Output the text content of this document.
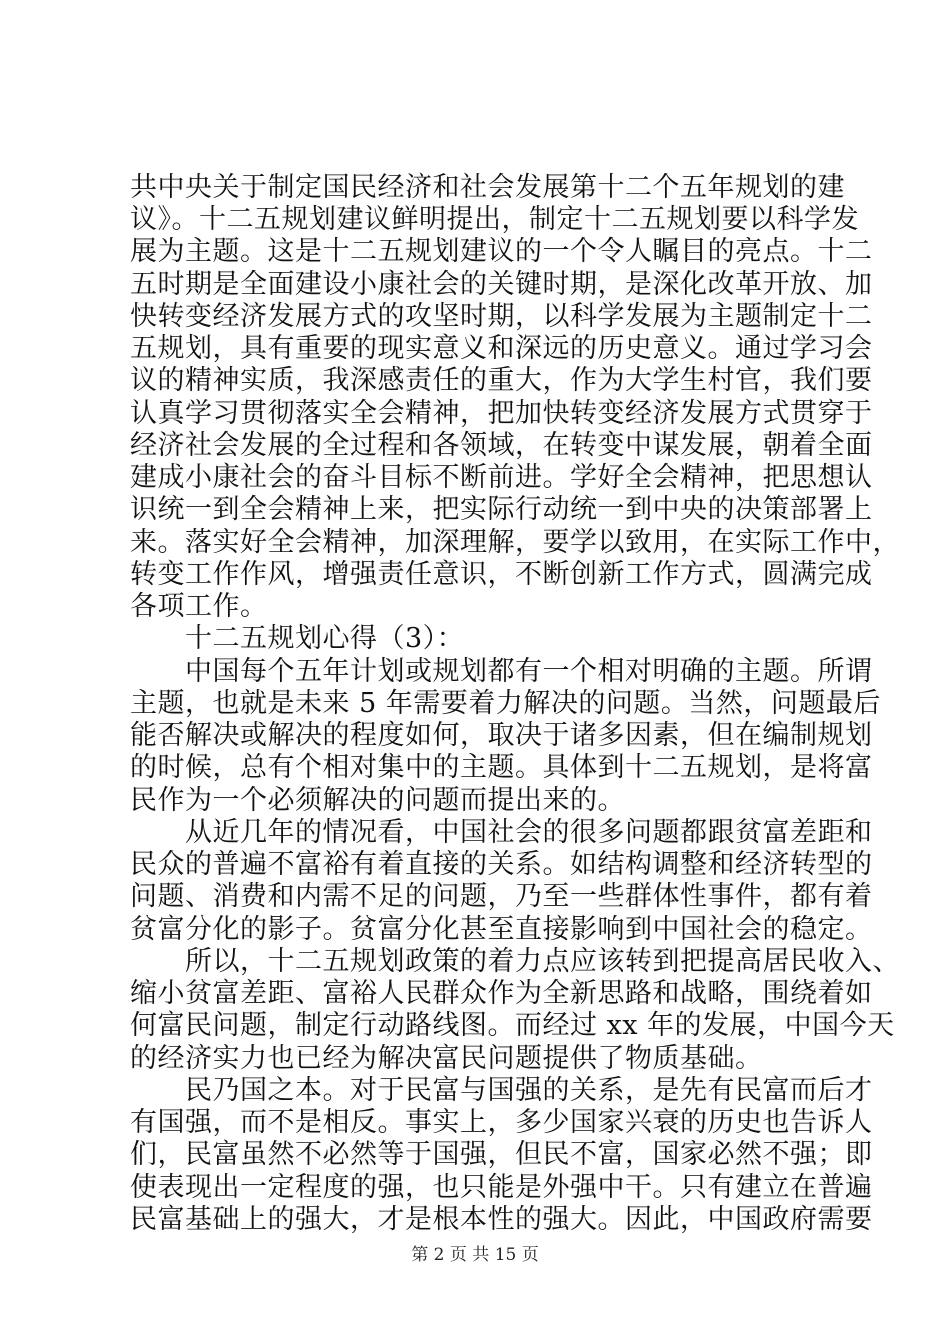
共中央关于制定国民经济和社会发展第十二个五年规划的建
议》。十二五规划建议鲜明提出，制定十二五规划要以科学发
展为主题。这是十二五规划建议的一个令人瞩目的亮点。十二
五时期是全面建设小康社会的关键时期，是深化改革开放、加
快转变经济发展方式的攻坚时期，以科学发展为主题制定十二
五规划，具有重要的现实意义和深远的历史意义。通过学习会
议的精神实质，我深感责任的重大，作为大学生村官，我们要
认真学习贯彻落实全会精神，把加快转变经济发展方式贯穿于
经济社会发展的全过程和各领域，在转变中谋发展，朝着全面
建成小康社会的奋斗目标不断前进。学好全会精神，把思想认
识统一到全会精神上来，把实际行动统一到中央的决策部署上
来。落实好全会精神，加深理解，要学以致用，在实际工作中，
转变工作作风，增强责任意识，不断创新工作方式，圆满完成
各项工作。
　　十二五规划心得（3）：
　　中国每个五年计划或规划都有一个相对明确的主题。所谓
主题，也就是未来 5 年需要着力解决的问题。当然，问题最后
能否解决或解决的程度如何，取决于诸多因素，但在编制规划
的时候，总有个相对集中的主题。具体到十二五规划，是将富
民作为一个必须解决的问题而提出来的。
　　从近几年的情况看，中国社会的很多问题都跟贫富差距和
民众的普遍不富裕有着直接的关系。如结构调整和经济转型的
问题、消费和内需不足的问题，乃至一些群体性事件，都有着
贫富分化的影子。贫富分化甚至直接影响到中国社会的稳定。
　　所以，十二五规划政策的着力点应该转到把提高居民收入、
缩小贫富差距、富裕人民群众作为全新思路和战略，围绕着如
何富民问题，制定行动路线图。而经过 xx 年的发展，中国今天
的经济实力也已经为解决富民问题提供了物质基础。
　　民乃国之本。对于民富与国强的关系，是先有民富而后才
有国强，而不是相反。事实上，多少国家兴衰的历史也告诉人
们，民富虽然不必然等于国强，但民不富，国家必然不强；即
第 2 页 共 15 页
使表现出一定程度的强，也只能是外强中干。只有建立在普遍
民富基础上的强大，才是根本性的强大。因此，中国政府需要
